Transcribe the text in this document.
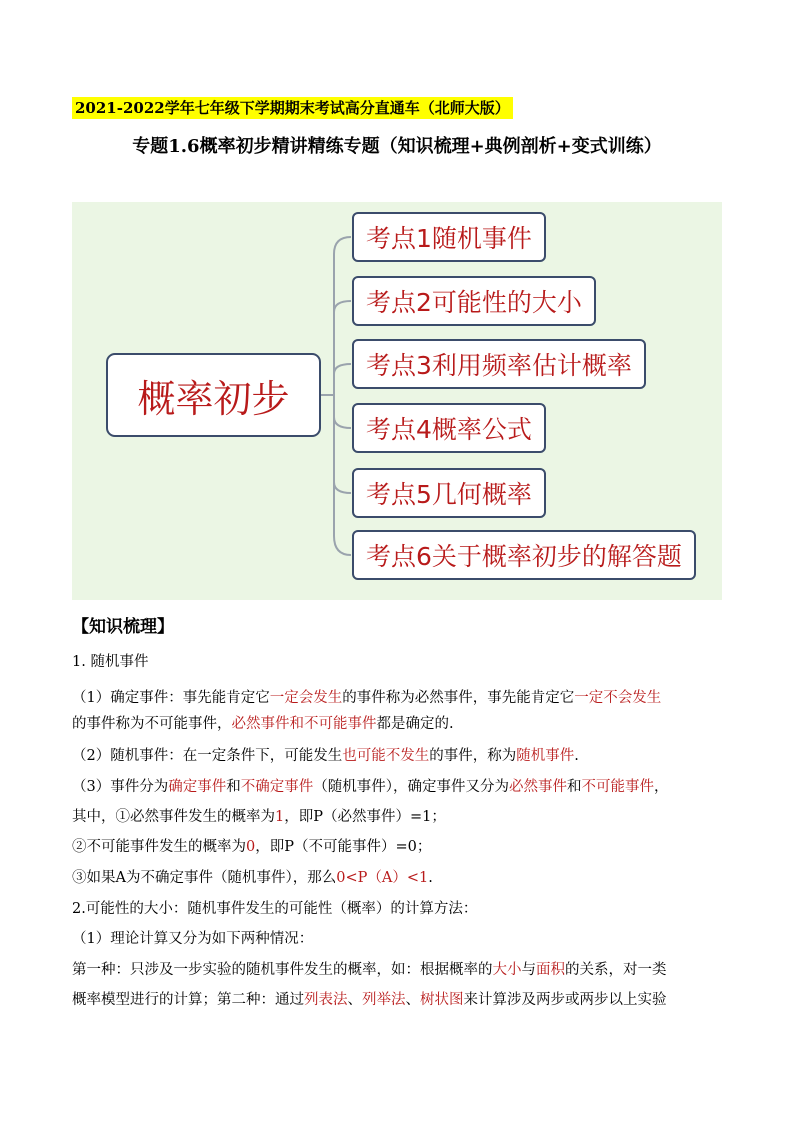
2021-2022学年七年级下学期期末考试高分直通车（北师大版）
专题1.6概率初步精讲精练专题（知识梳理+典例剖析+变式训练）
概率初步
考点1随机事件
考点2可能性的大小
考点3利用频率估计概率
考点4概率公式
考点5几何概率
考点6关于概率初步的解答题
【知识梳理】
1. 随机事件
（1）确定事件：事先能肯定它一定会发生的事件称为必然事件，事先能肯定它一定不会发生
的事件称为不可能事件，必然事件和不可能事件都是确定的.
（2）随机事件：在一定条件下，可能发生也可能不发生的事件，称为随机事件.
（3）事件分为确定事件和不确定事件（随机事件），确定事件又分为必然事件和不可能事件，
其中，①必然事件发生的概率为1，即P（必然事件）=1；
②不可能事件发生的概率为0，即P（不可能事件）=0；
③如果A为不确定事件（随机事件），那么0<P（A）<1.
2.可能性的大小：随机事件发生的可能性（概率）的计算方法：
（1）理论计算又分为如下两种情况：
第一种：只涉及一步实验的随机事件发生的概率，如：根据概率的大小与面积的关系，对一类
概率模型进行的计算；第二种：通过列表法、列举法、树状图来计算涉及两步或两步以上实验
